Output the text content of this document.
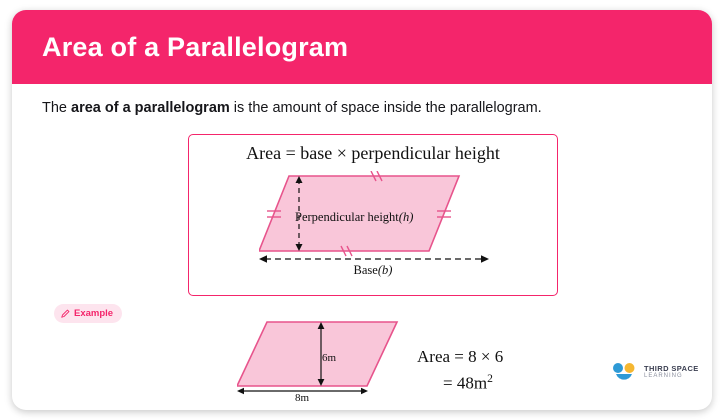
Area of a Parallelogram
The area of a parallelogram is the amount of space inside the parallelogram.
Area = base × perpendicular height
Perpendicular height(h)
Base(b)
Example
6m
8m
Area = 8 × 6
= $48m^2$
THIRD SPACE
LEARNING
